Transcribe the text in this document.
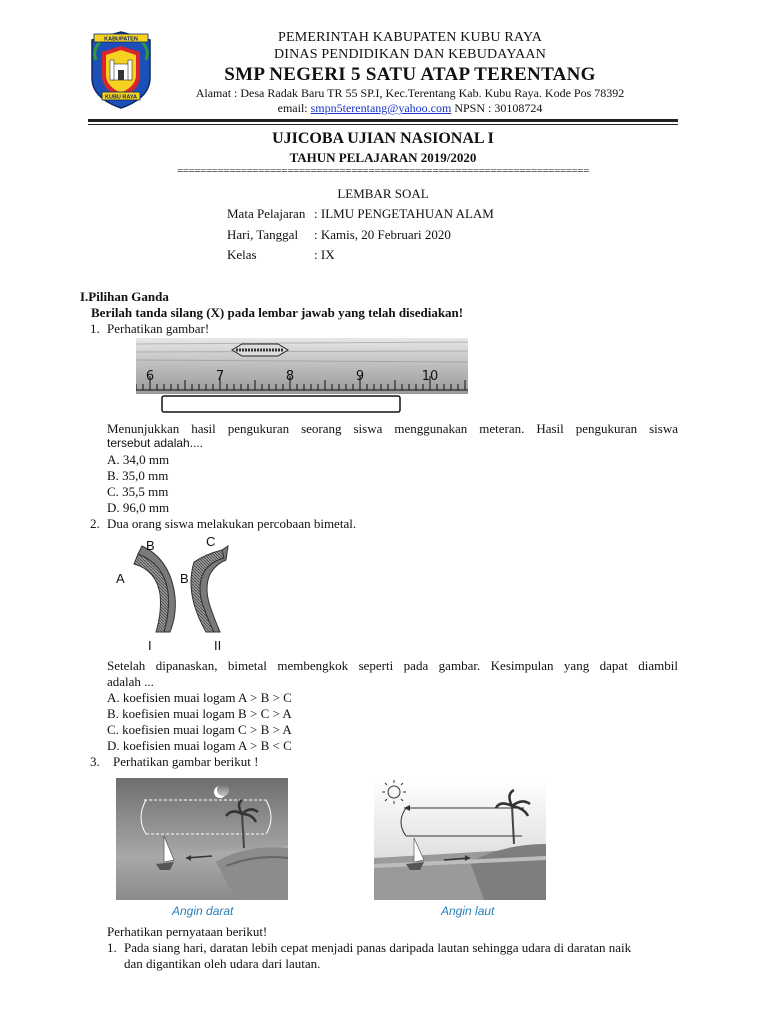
KABUPATEN
KUBU RAYA
PEMERINTAH KABUPATEN KUBU RAYA
DINAS PENDIDIKAN DAN KEBUDAYAAN
SMP NEGERI 5 SATU ATAP TERENTANG
Alamat : Desa Radak Baru TR 55 SP.I, Kec.Terentang Kab. Kubu Raya. Kode Pos 78392
email: smpn5terentang@yahoo.com NPSN : 30108724
UJICOBA UJIAN NASIONAL I
TAHUN PELAJARAN 2019/2020
=======================================================================
LEMBAR SOAL
Mata Pelajaran : ILMU PENGETAHUAN ALAM
Hari, Tanggal : Kamis, 20 Februari 2020
Kelas	: IX
I.Pilihan Ganda
Berilah tanda silang (X) pada lembar jawab yang telah disediakan!
1. Perhatikan gambar!
6	7	8	9	10
Menunjukkan hasil pengukuran seorang siswa menggunakan meteran. Hasil pengukuran siswa
tersebut adalah....
A. 34,0 mm
B. 35,0 mm
C. 35,5 mm
D. 96,0 mm
2. Dua orang siswa melakukan percobaan bimetal.
B
A
C
B
I	II
Setelah dipanaskan, bimetal membengkok seperti pada gambar. Kesimpulan yang dapat diambil
adalah ...
A. koefisien muai logam A > B > C
B. koefisien muai logam B > C > A
C. koefisien muai logam C > B > A
D. koefisien muai logam A > B < C
3. Perhatikan gambar berikut !
Angin darat	Angin laut
Perhatikan pernyataan berikut!
1. Pada siang hari, daratan lebih cepat menjadi panas daripada lautan sehingga udara di daratan naik
dan digantikan oleh udara dari lautan.
